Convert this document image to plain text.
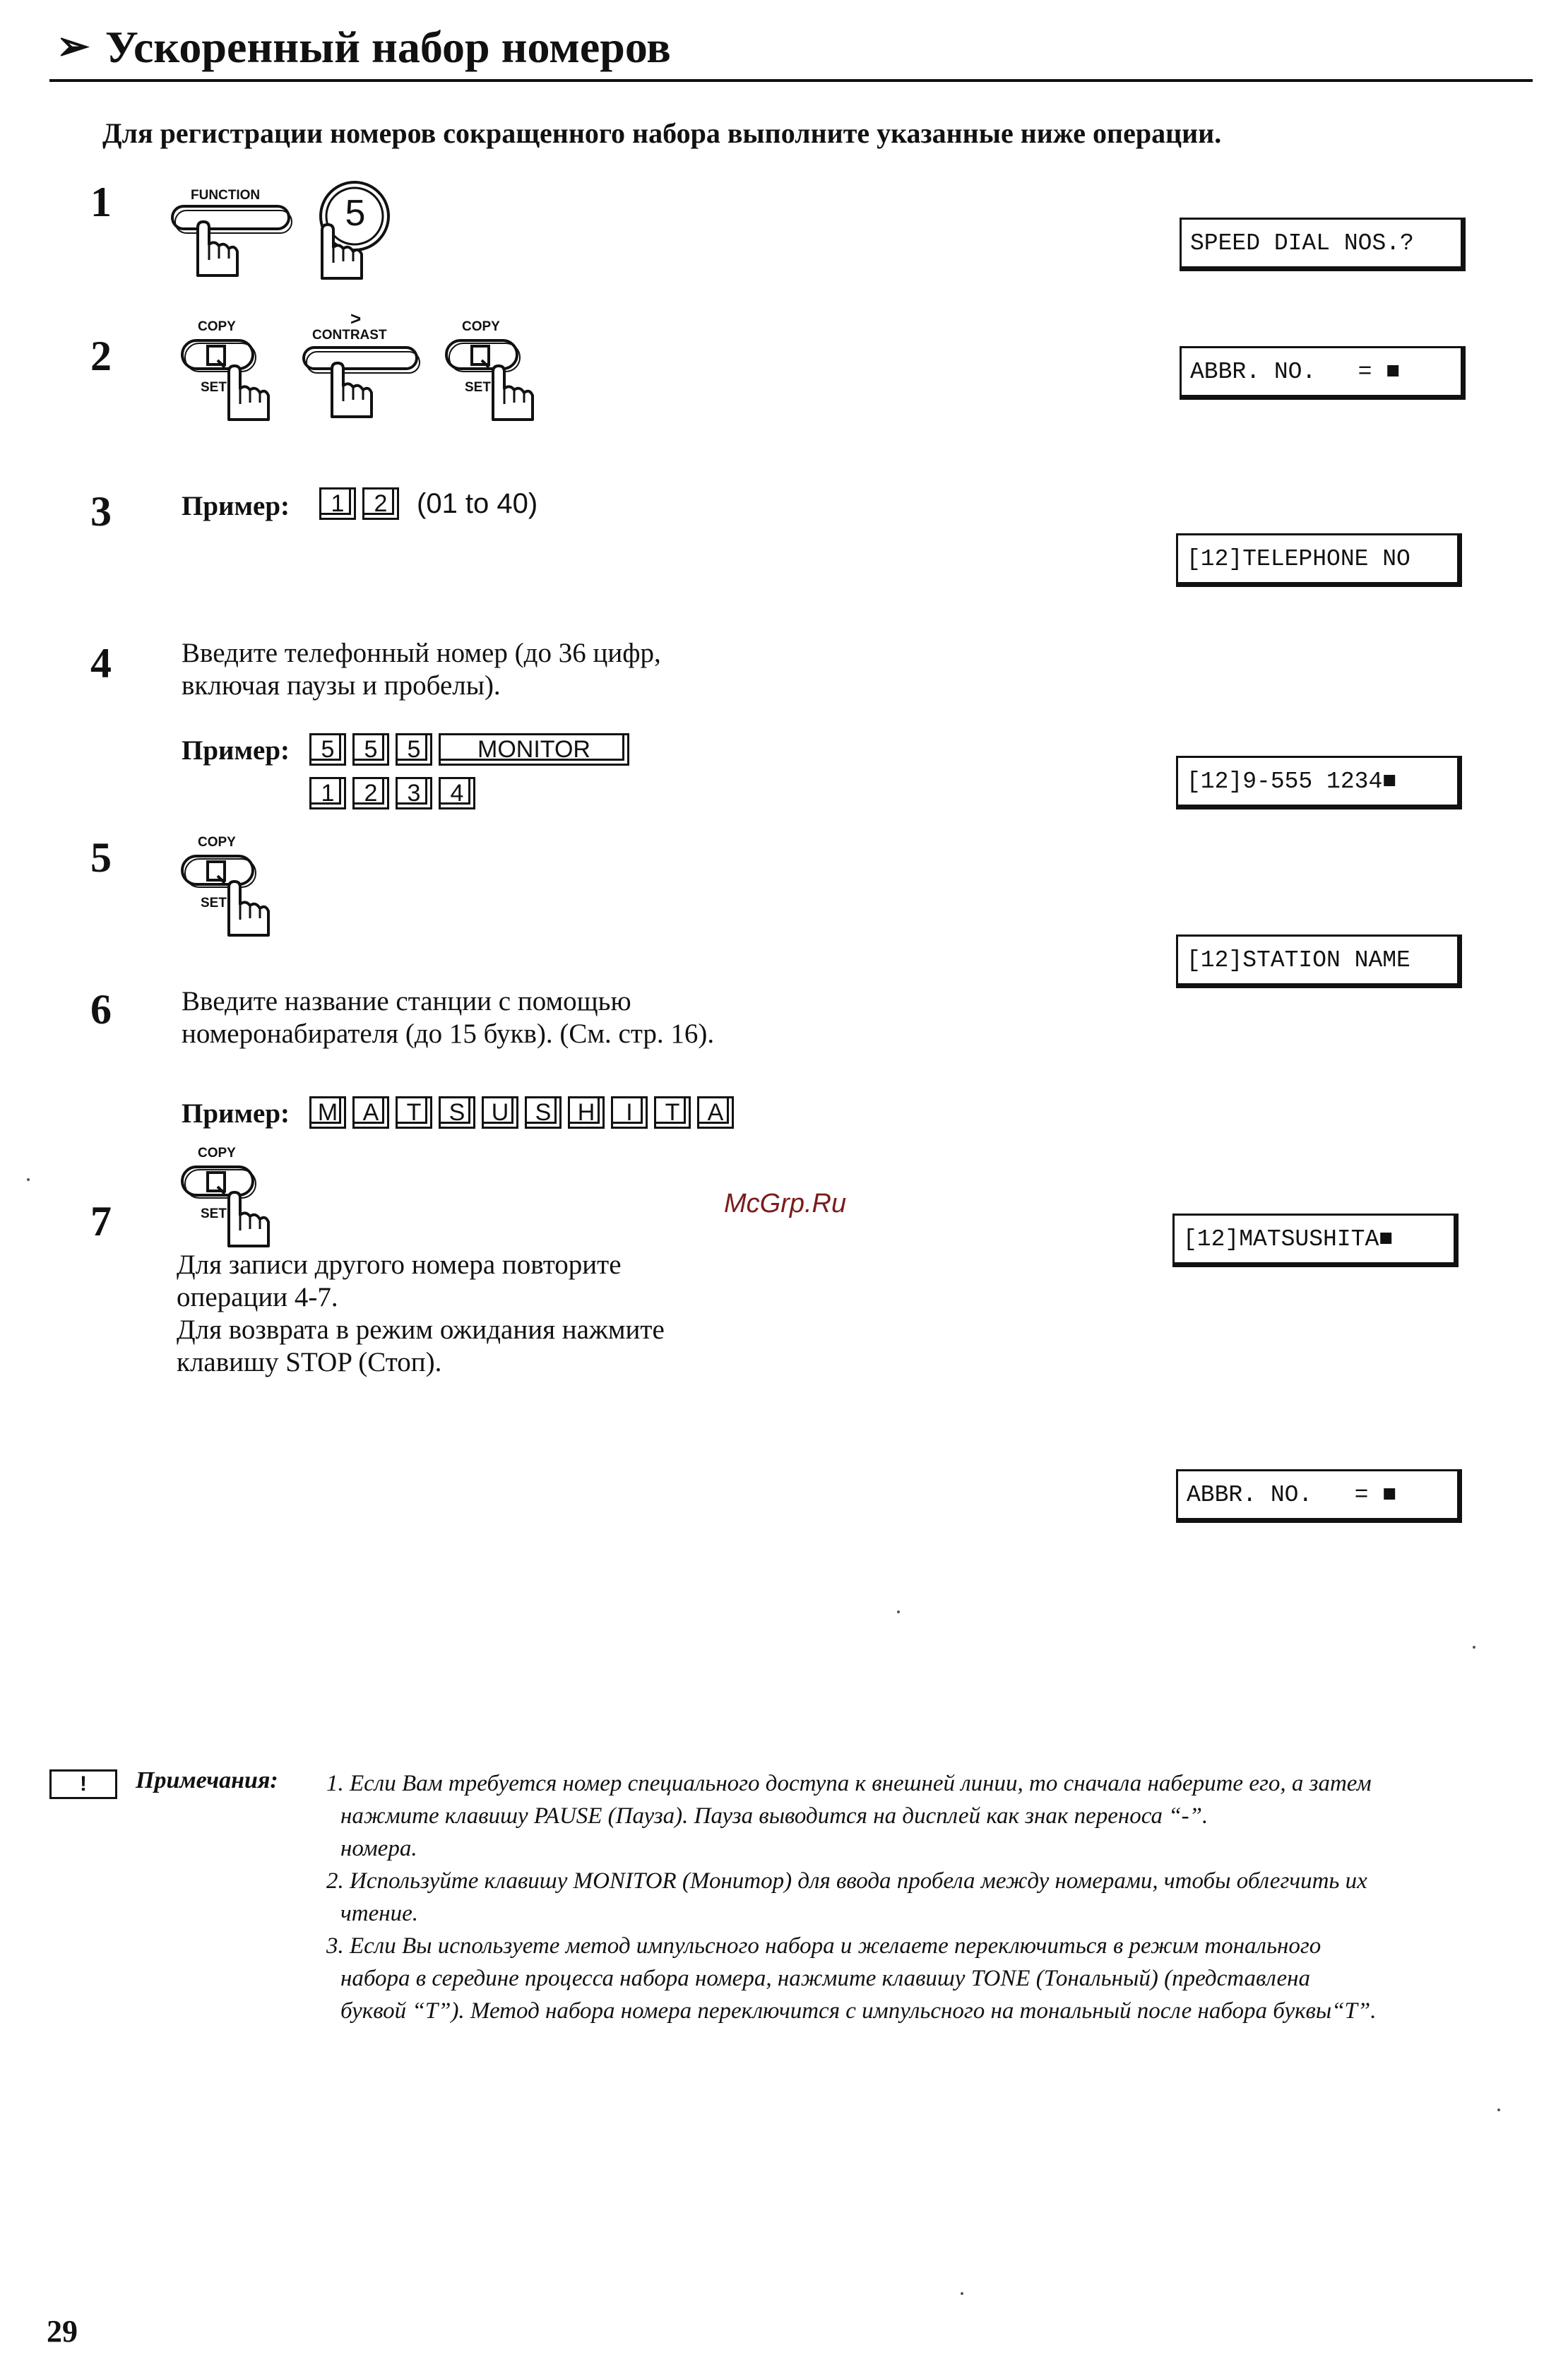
➢ Ускоренный набор номеров
Для регистрации номеров сокращенного набора выполните указанные ниже операции.
1	FUNCTION 5
2
COPY
SET
>
CONTRAST
COPY
SET
3	Пример:	1	2	(01 to 40)
4	Введите телефонный номер (до 36 цифр,
включая паузы и пробелы).
Пример:	5	5	5	MONITOR
1	2	3	4
5	COPY
SET
6	Введите название станции с помощью
номеронабирателя (до 15 букв). (См. стр. 16).
Пример:	M	A	T	S	U	S	H	I	T	A
COPY
SET
7
Для записи другого номера повторите
операции 4-7.
Для возврата в режим ожидания нажмите
клавишу STOP (Стоп).
McGrp.Ru
SPEED DIAL NOS.?
ABBR. NO.   = ■
[12]TELEPHONE NO
[12]9-555 1234■
[12]STATION NAME
[12]MATSUSHITA■
ABBR. NO.   = ■
!	Примечания: 1. Если Вам требуется номер специального доступа к внешней линии, то сначала наберите его, а затем
нажмите клавишу PAUSE (Пауза). Пауза выводится на дисплей как знак переноса “-”.
номера.
2. Используйте клавишу MONITOR (Монитор) для ввода пробела между номерами, чтобы облегчить их
чтение.
3. Если Вы используете метод импульсного набора и желаете переключиться в режим тонального
набора в середине процесса набора номера, нажмите клавишу TONE (Тональный) (представлена
буквой “T”). Метод набора номера переключится с импульсного на тональный после набора буквы“T”.
29
